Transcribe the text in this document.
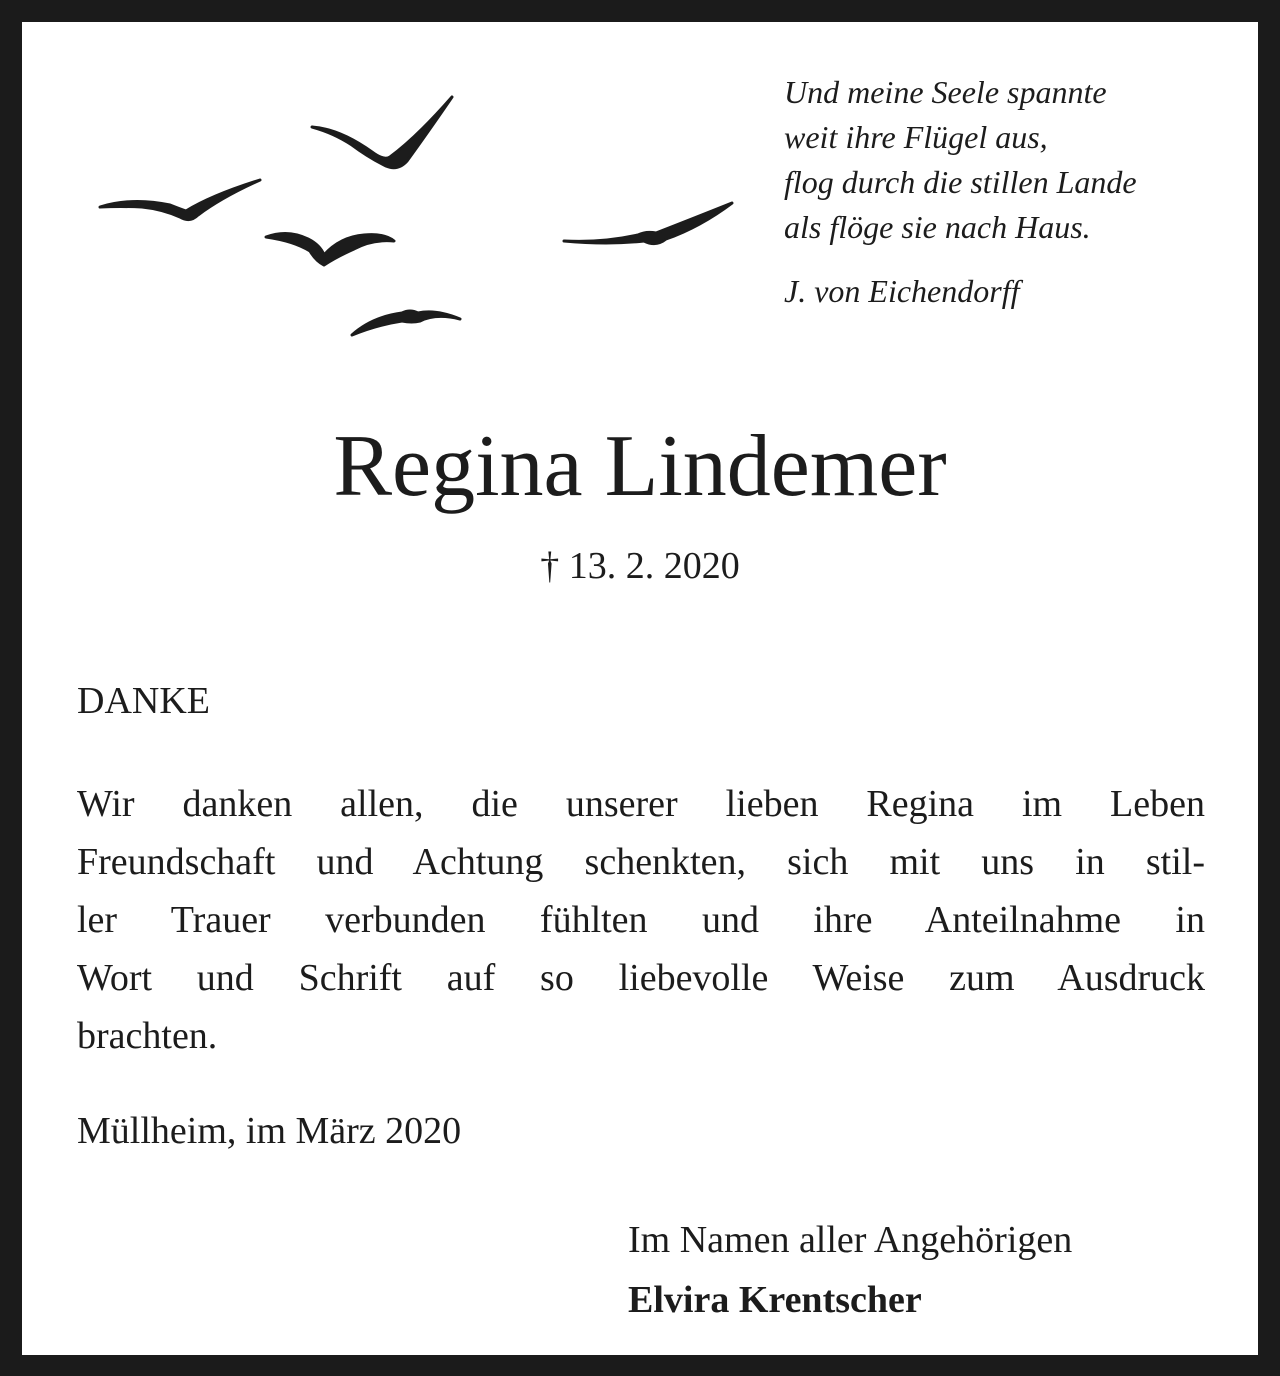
Und meine Seele spannte
weit ihre Flügel aus,
flog durch die stillen Lande
als flöge sie nach Haus.
J. von Eichendorff
Regina Lindemer
† 13. 2. 2020
DANKE
Wir danken allen, die unserer lieben Regina im Leben
Freundschaft und Achtung schenkten, sich mit uns in stil-
ler Trauer verbunden fühlten und ihre Anteilnahme in
Wort und Schrift auf so liebevolle Weise zum Ausdruck
brachten.
Müllheim, im März 2020
Im Namen aller Angehörigen
Elvira Krentscher
